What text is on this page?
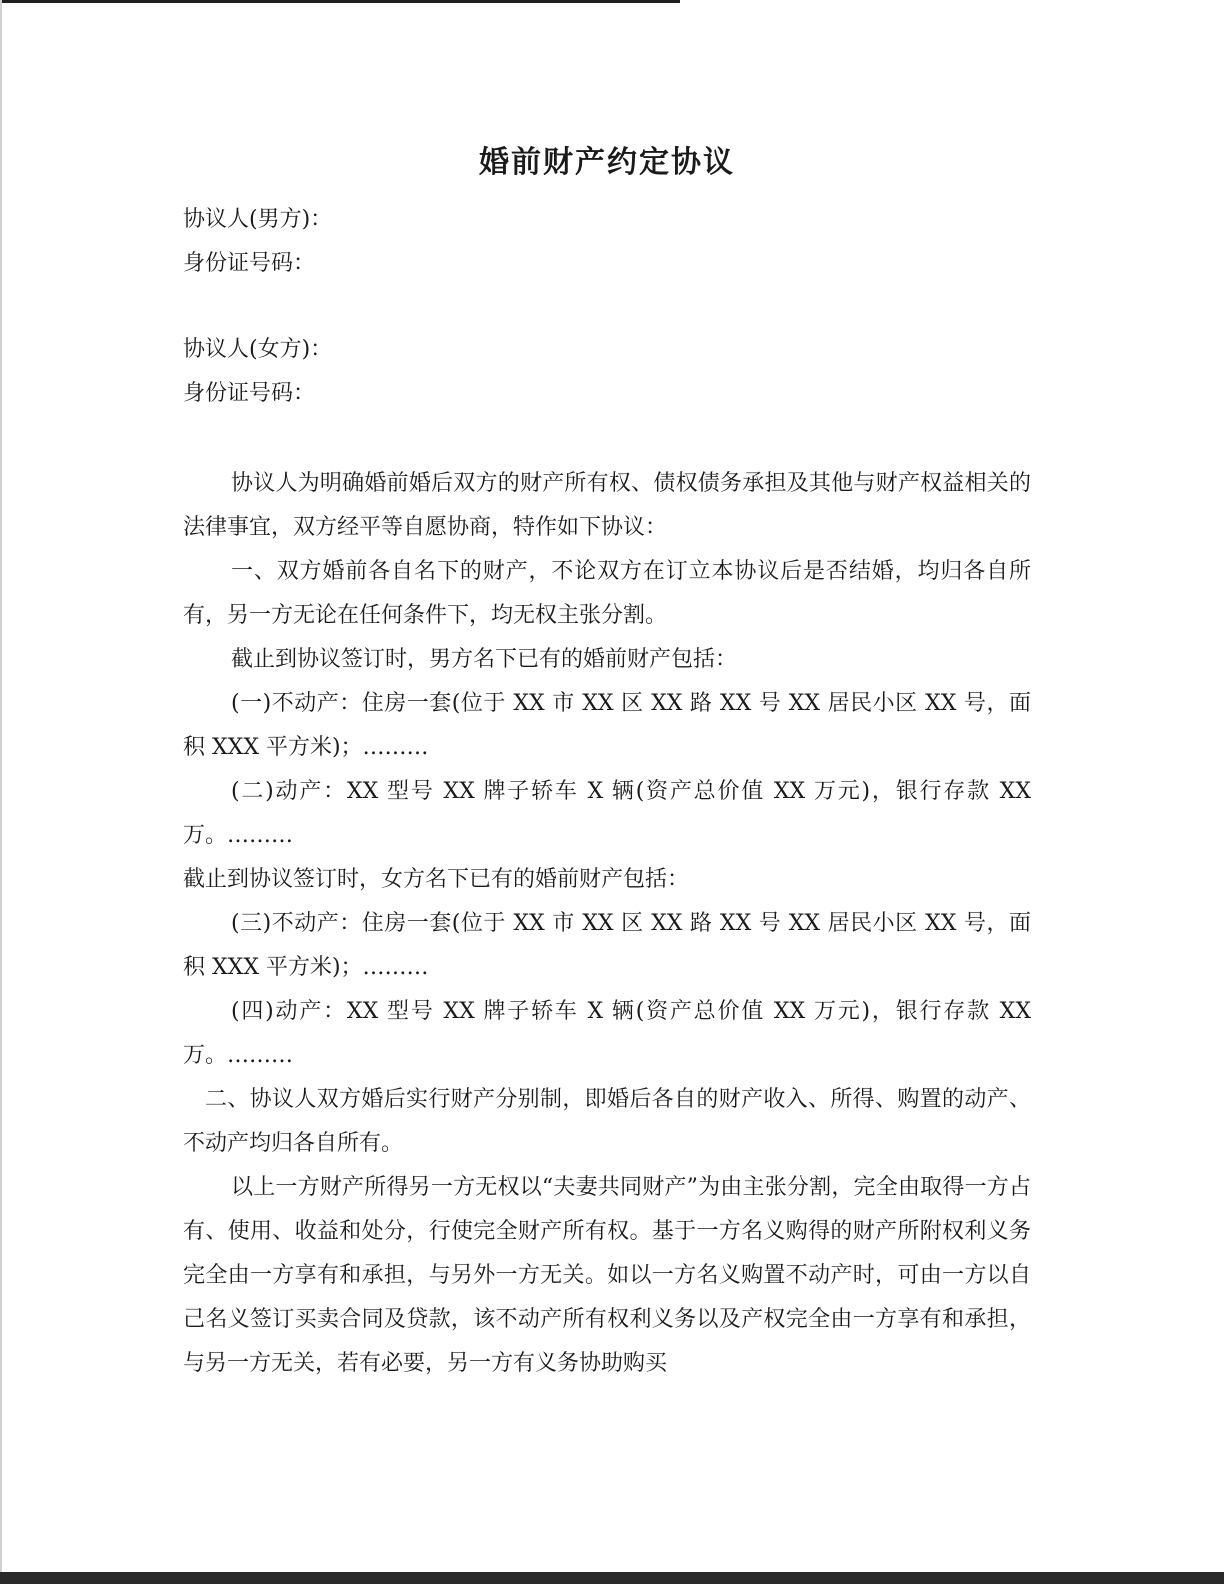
婚前财产约定协议

协议人(男方)：

身份证号码：

协议人(女方)：

身份证号码：

协议人为明确婚前婚后双方的财产所有权、债权债务承担及其他与财产权益相关的法律事宜，双方经平等自愿协商，特作如下协议：

一、双方婚前各自名下的财产，不论双方在订立本协议后是否结婚，均归各自所有，另一方无论在任何条件下，均无权主张分割。

截止到协议签订时，男方名下已有的婚前财产包括：

(一)不动产：住房一套(位于 XX 市 XX 区 XX 路 XX 号 XX 居民小区 XX 号，面积 XXX 平方米)；………

(二)动产：XX 型号 XX 牌子轿车 X 辆(资产总价值 XX 万元)，银行存款 XX 万。………

截止到协议签订时，女方名下已有的婚前财产包括：

(三)不动产：住房一套(位于 XX 市 XX 区 XX 路 XX 号 XX 居民小区 XX 号，面积 XXX 平方米)；………

(四)动产：XX 型号 XX 牌子轿车 X 辆(资产总价值 XX 万元)，银行存款 XX 万。………

二、协议人双方婚后实行财产分别制，即婚后各自的财产收入、所得、购置的动产、不动产均归各自所有。

以上一方财产所得另一方无权以“夫妻共同财产”为由主张分割，完全由取得一方占有、使用、收益和处分，行使完全财产所有权。基于一方名义购得的财产所附权利义务完全由一方享有和承担，与另外一方无关。如以一方名义购置不动产时，可由一方以自己名义签订买卖合同及贷款，该不动产所有权利义务以及产权完全由一方享有和承担，与另一方无关，若有必要，另一方有义务协助购买
